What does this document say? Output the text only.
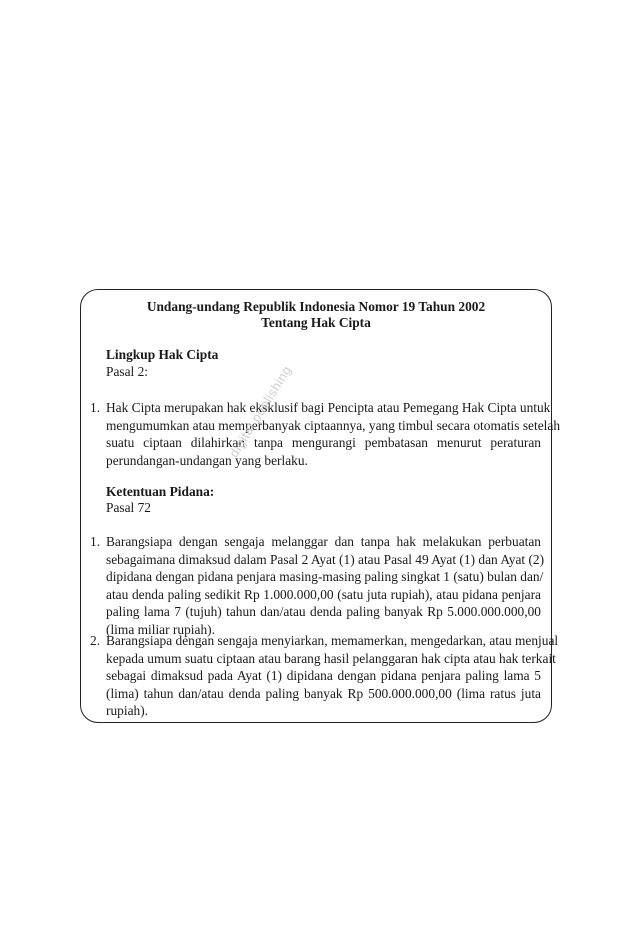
Undang-undang Republik Indonesia Nomor 19 Tahun 2002
Tentang Hak Cipta
Lingkup Hak Cipta
Pasal 2:
1. Hak Cipta merupakan hak eksklusif bagi Pencipta atau Pemegang Hak Cipta untuk
mengumumkan atau memperbanyak ciptaannya, yang timbul secara otomatis setelah
suatu ciptaan dilahirkan tanpa mengurangi pembatasan menurut peraturan
perundangan-undangan yang berlaku.
Ketentuan Pidana:
Pasal 72
1. Barangsiapa dengan sengaja melanggar dan tanpa hak melakukan perbuatan
sebagaimana dimaksud dalam Pasal 2 Ayat (1) atau Pasal 49 Ayat (1) dan Ayat (2)
dipidana dengan pidana penjara masing-masing paling singkat 1 (satu) bulan dan/
atau denda paling sedikit Rp 1.000.000,00 (satu juta rupiah), atau pidana penjara
paling lama 7 (tujuh) tahun dan/atau denda paling banyak Rp 5.000.000.000,00
(lima miliar rupiah).
2. Barangsiapa dengan sengaja menyiarkan, memamerkan, mengedarkan, atau menjual
kepada umum suatu ciptaan atau barang hasil pelanggaran hak cipta atau hak terkait
sebagai dimaksud pada Ayat (1) dipidana dengan pidana penjara paling lama 5
(lima) tahun dan/atau denda paling banyak Rp 500.000.000,00 (lima ratus juta
rupiah).
digital publishing
